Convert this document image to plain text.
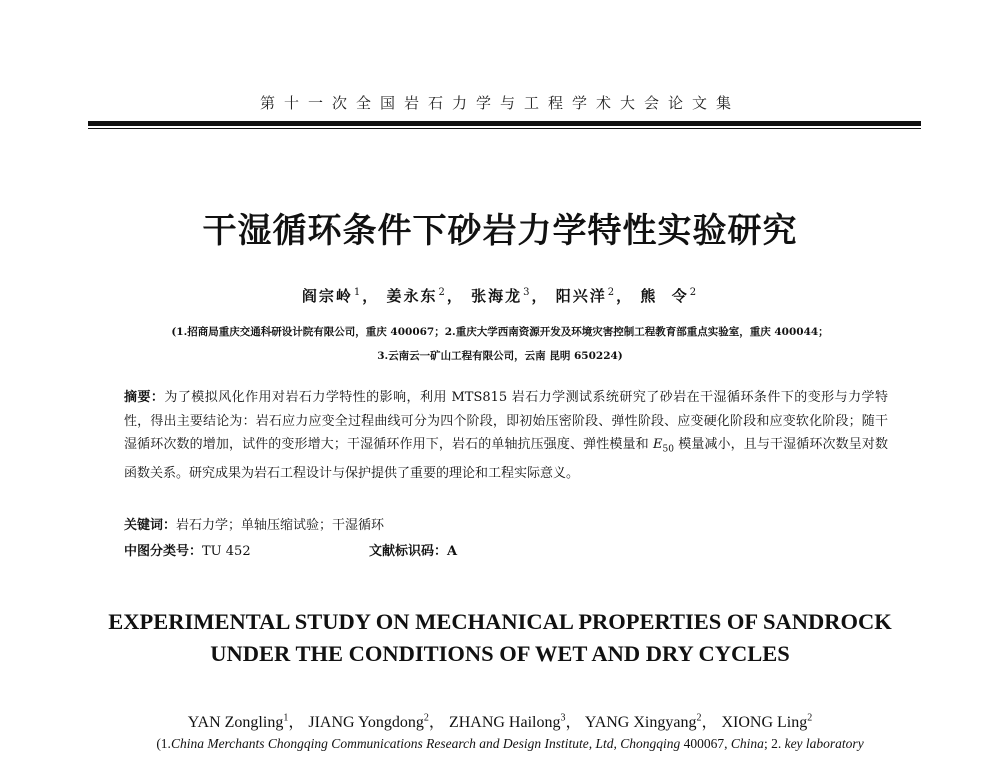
第十一次全国岩石力学与工程学术大会论文集
干湿循环条件下砂岩力学特性实验研究
阎宗岭$^1$， 姜永东$^2$， 张海龙$^3$， 阳兴洋$^2$， 熊  令$^2$
(1.招商局重庆交通科研设计院有限公司，重庆 400067；2.重庆大学西南资源开发及环境灾害控制工程教育部重点实验室，重庆 400044；
3.云南云一矿山工程有限公司，云南 昆明 650224)
摘要：为了模拟风化作用对岩石力学特性的影响，利用 MTS815 岩石力学测试系统研究了砂岩在干湿循环条件下的变形与力学特性，得出主要结论为：岩石应力应变全过程曲线可分为四个阶段，即初始压密阶段、弹性阶段、应变硬化阶段和应变软化阶段；随干湿循环次数的增加，试件的变形增大；干湿循环作用下，岩石的单轴抗压强度、弹性模量和 $E_{50}$ 模量减小，且与干湿循环次数呈对数函数关系。研究成果为岩石工程设计与保护提供了重要的理论和工程实际意义。
关键词：岩石力学；单轴压缩试验；干湿循环
中图分类号：TU 452	文献标识码：A
EXPERIMENTAL STUDY ON MECHANICAL PROPERTIES OF SANDROCK
UNDER THE CONDITIONS OF WET AND DRY CYCLES
YAN Zongling$^1$， JIANG Yongdong$^2$， ZHANG Hailong$^3$， YANG Xingyang$^2$， XIONG Ling$^2$
(1.China Merchants Chongqing Communications Research and Design Institute, Ltd, Chongqing 400067, China; 2. key laboratory
